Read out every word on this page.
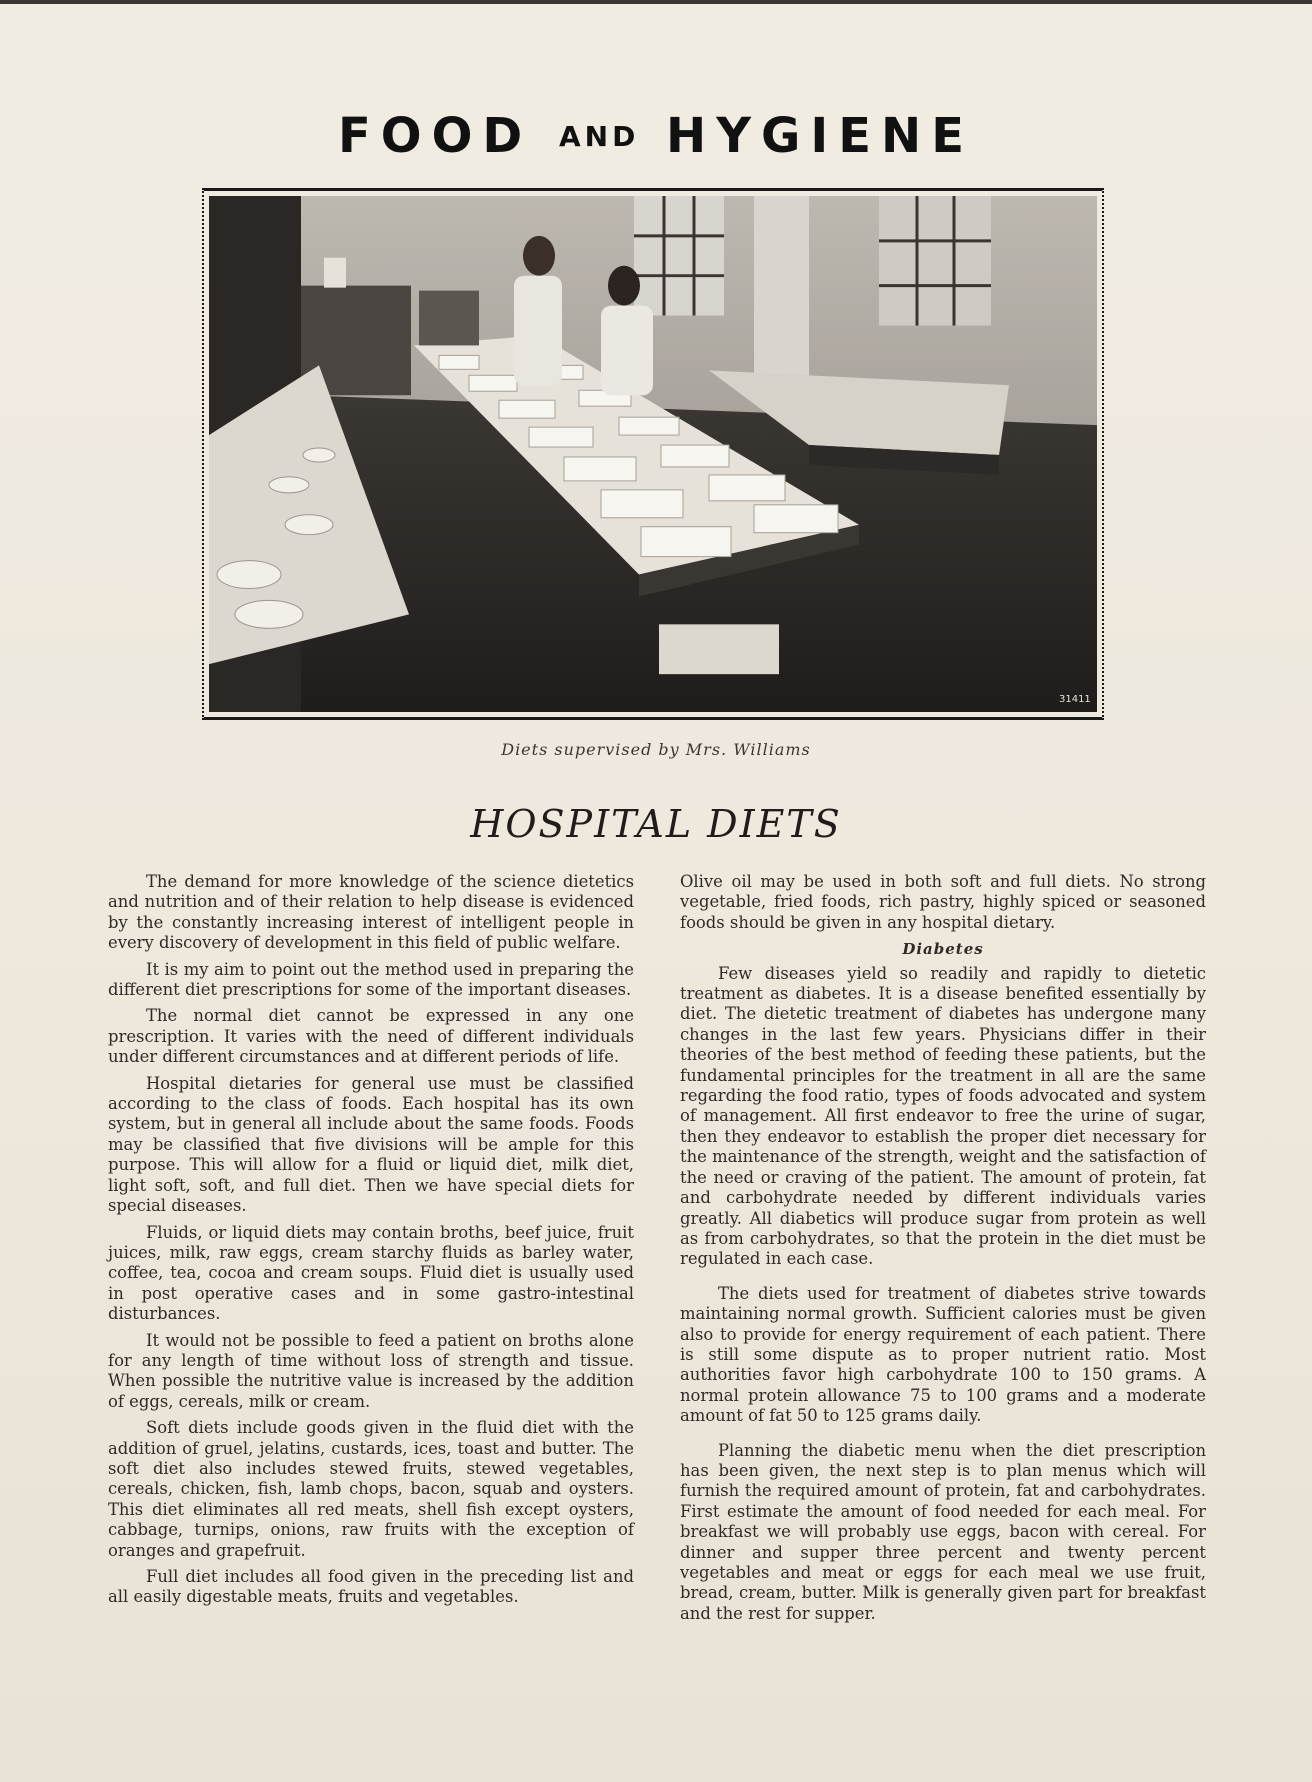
FOOD AND HYGIENE
31411
Diets supervised by Mrs. Williams
HOSPITAL DIETS

The demand for more knowledge of the science dietetics and nutrition and of their relation to help disease is evidenced by the constantly increasing interest of intelligent people in every discovery of development in this field of public welfare.

It is my aim to point out the method used in preparing the different diet prescriptions for some of the important diseases.

The normal diet cannot be expressed in any one prescription. It varies with the need of different individuals under different circumstances and at different periods of life.

Hospital dietaries for general use must be classified according to the class of foods. Each hospital has its own system, but in general all include about the same foods. Foods may be classified that five divisions will be ample for this purpose. This will allow for a fluid or liquid diet, milk diet, light soft, soft, and full diet. Then we have special diets for special diseases.

Fluids, or liquid diets may contain broths, beef juice, fruit juices, milk, raw eggs, cream starchy fluids as barley water, coffee, tea, cocoa and cream soups. Fluid diet is usually used in post operative cases and in some gastro-intestinal disturbances.

It would not be possible to feed a patient on broths alone for any length of time without loss of strength and tissue. When possible the nutritive value is increased by the addition of eggs, cereals, milk or cream.

Soft diets include goods given in the fluid diet with the addition of gruel, jelatins, custards, ices, toast and butter. The soft diet also includes stewed fruits, stewed vegetables, cereals, chicken, fish, lamb chops, bacon, squab and oysters. This diet eliminates all red meats, shell fish except oysters, cabbage, turnips, onions, raw fruits with the exception of oranges and grapefruit.

Full diet includes all food given in the preceding list and all easily digestable meats, fruits and vegetables.

Olive oil may be used in both soft and full diets. No strong vegetable, fried foods, rich pastry, highly spiced or seasoned foods should be given in any hospital dietary.

Diabetes

Few diseases yield so readily and rapidly to dietetic treatment as diabetes. It is a disease benefited essentially by diet. The dietetic treatment of diabetes has undergone many changes in the last few years. Physicians differ in their theories of the best method of feeding these patients, but the fundamental principles for the treatment in all are the same regarding the food ratio, types of foods advocated and system of management. All first endeavor to free the urine of sugar, then they endeavor to establish the proper diet necessary for the maintenance of the strength, weight and the satisfaction of the need or craving of the patient. The amount of protein, fat and carbohydrate needed by different individuals varies greatly. All diabetics will produce sugar from protein as well as from carbohydrates, so that the protein in the diet must be regulated in each case.

The diets used for treatment of diabetes strive towards maintaining normal growth. Sufficient calories must be given also to provide for energy requirement of each patient. There is still some dispute as to proper nutrient ratio. Most authorities favor high carbohydrate 100 to 150 grams. A normal protein allowance 75 to 100 grams and a moderate amount of fat 50 to 125 grams daily.

Planning the diabetic menu when the diet prescription has been given, the next step is to plan menus which will furnish the required amount of protein, fat and carbohydrates. First estimate the amount of food needed for each meal. For breakfast we will probably use eggs, bacon with cereal. For dinner and supper three percent and twenty percent vegetables and meat or eggs for each meal we use fruit, bread, cream, butter. Milk is generally given part for breakfast and the rest for supper.
